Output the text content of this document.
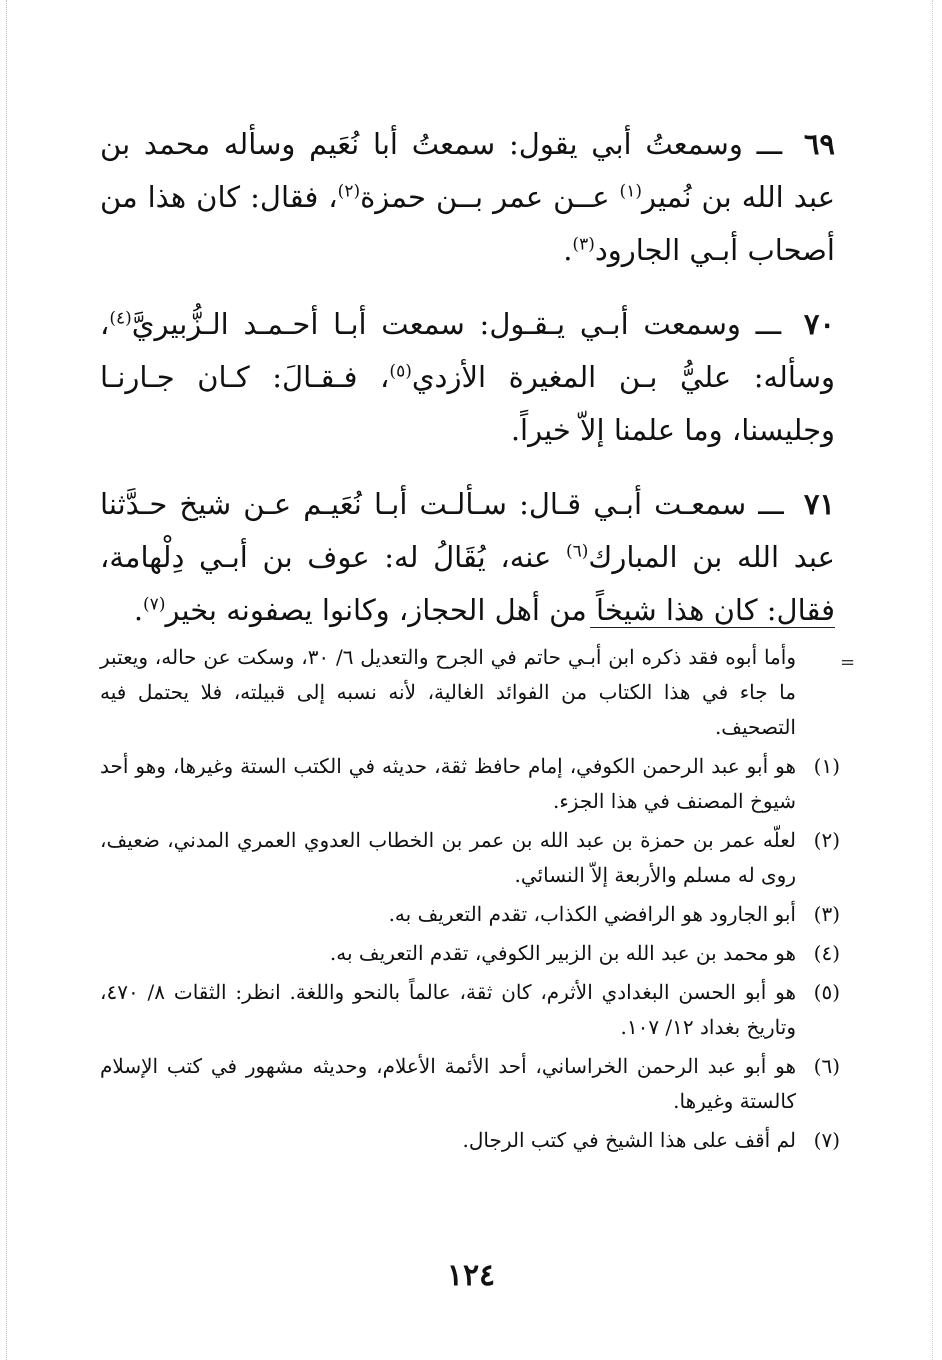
٦٩ ـــ وسمعتُ أبي يقول: سمعتُ أبا نُعَيم وسأله محمد بن عبد الله بن نُمير$^{(١)}$ عــن عمر بــن حمزة$^{(٢)}$، فقال: كان هذا من أصحاب أبـي الجارود$^{(٣)}$.

٧٠ ـــ وسمعت أبـي يـقـول: سمعت أبـا أحـمـد الـزُّبيريَّ$^{(٤)}$، وسأله: عليُّ بـن المغيرة الأزدي$^{(٥)}$، فـقـالَ: كـان جـارنـا وجليسنا، وما علمنا إلاّ خيراً.

٧١ ـــ سمعـت أبـي قـال: سـألـت أبـا نُعَيـم عـن شيخ حـدَّثنا عبد الله بن المبارك$^{(٦)}$ عنه، يُقَالُ له: عوف بن أبـي دِلْهامة، فقال: كان هذا شيخاً من أهل الحجاز، وكانوا يصفونه بخير$^{(٧)}$.

=
وأما أبوه فقد ذكره ابن أبـي حاتم في الجرح والتعديل ٦/ ٣٠، وسكت عن حاله، ويعتبر ما جاء في هذا الكتاب من الفوائد الغالية، لأنه نسبه إلى قبيلته، فلا يحتمل فيه التصحيف.
(١)
هو أبو عبد الرحمن الكوفي، إمام حافظ ثقة، حديثه في الكتب الستة وغيرها، وهو أحد شيوخ المصنف في هذا الجزء.
(٢)
لعلّه عمر بن حمزة بن عبد الله بن عمر بن الخطاب العدوي العمري المدني، ضعيف، روى له مسلم والأربعة إلاّ النسائي.
(٣)
أبو الجارود هو الرافضي الكذاب، تقدم التعريف به.
(٤)
هو محمد بن عبد الله بن الزبير الكوفي، تقدم التعريف به.
(٥)
هو أبو الحسن البغدادي الأثرم، كان ثقة، عالماً بالنحو واللغة. انظر: الثقات ٨/ ٤٧٠، وتاريخ بغداد ١٢/ ١٠٧.
(٦)
هو أبو عبد الرحمن الخراساني، أحد الأئمة الأعلام، وحديثه مشهور في كتب الإسلام كالستة وغيرها.
(٧)
لم أقف على هذا الشيخ في كتب الرجال.
١٢٤
